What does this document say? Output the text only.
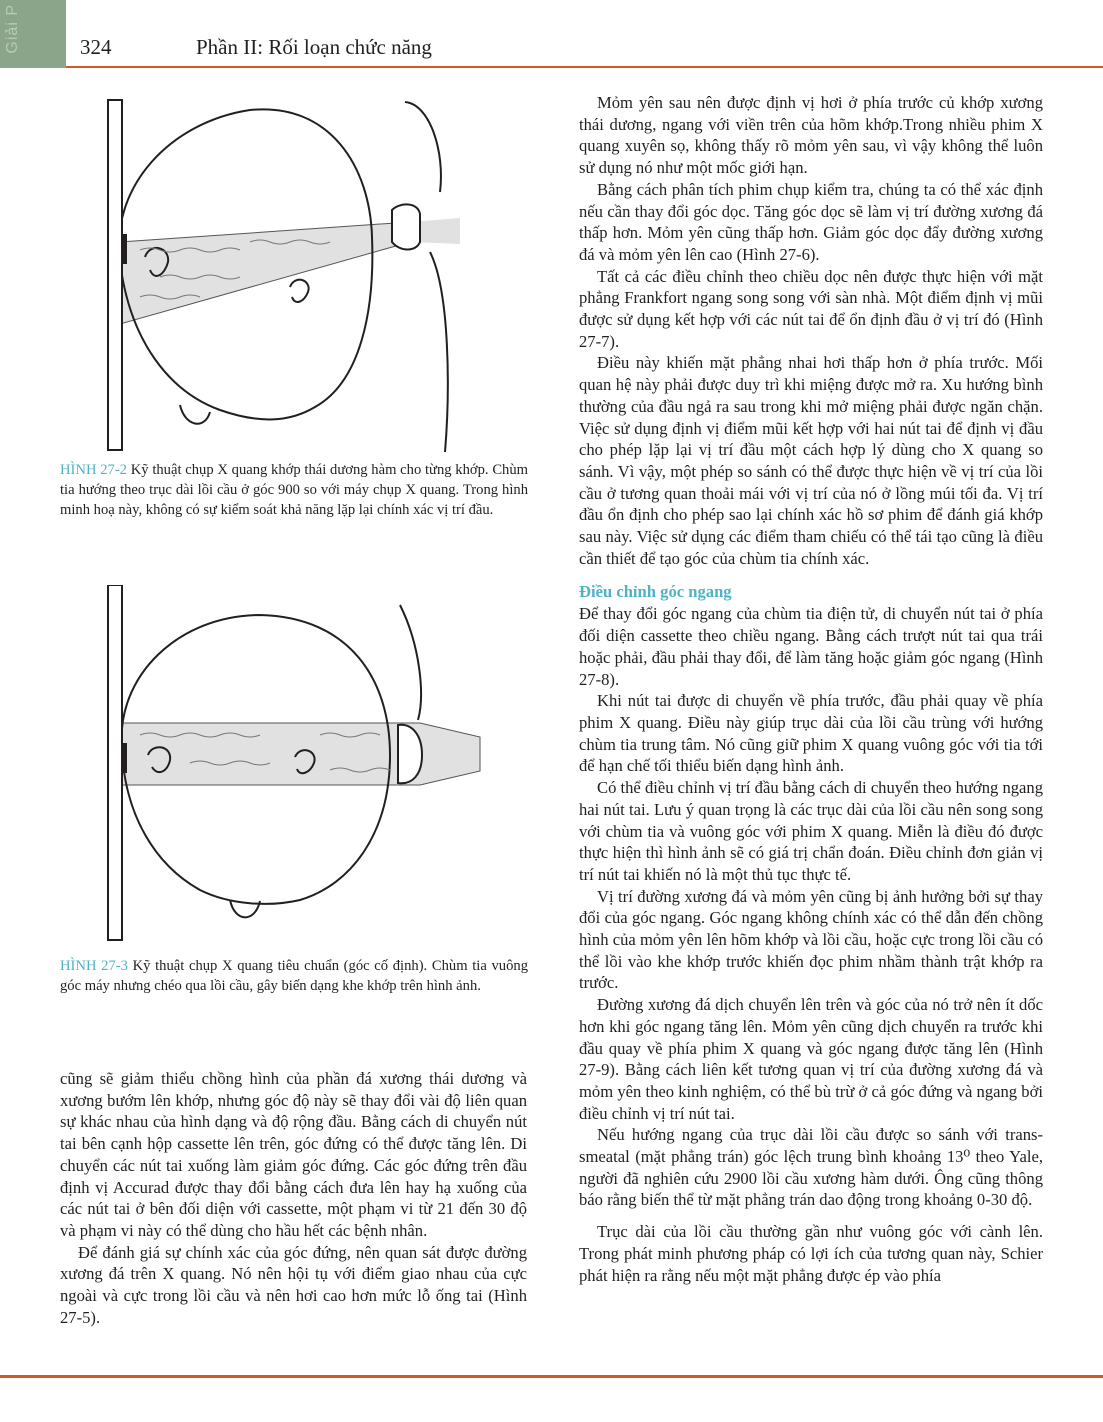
Giải P	324	Phần II: Rối loạn chức năng
HÌNH 27-2 Kỹ thuật chụp X quang khớp thái dương hàm cho từng khớp. Chùm tia hướng theo trục dài lồi cầu ở góc 900 so với máy chụp X quang. Trong hình minh hoạ này, không có sự kiểm soát khả năng lặp lại chính xác vị trí đầu.
HÌNH 27-3 Kỹ thuật chụp X quang tiêu chuẩn (góc cố định). Chùm tia vuông góc máy nhưng chéo qua lồi cầu, gây biến dạng khe khớp trên hình ảnh.

cũng sẽ giảm thiểu chồng hình của phần đá xương thái dương và xương bướm lên khớp, nhưng góc độ này sẽ thay đổi vài độ liên quan sự khác nhau của hình dạng và độ rộng đầu. Bằng cách di chuyển nút tai bên cạnh hộp cassette lên trên, góc đứng có thể được tăng lên. Di chuyển các nút tai xuống làm giảm góc đứng. Các góc đứng trên đầu định vị Accurad được thay đổi bằng cách đưa lên hay hạ xuống của các nút tai ở bên đối diện với cassette, một phạm vi từ 21 đến 30 độ và phạm vi này có thể dùng cho hầu hết các bệnh nhân.

Để đánh giá sự chính xác của góc đứng, nên quan sát được đường xương đá trên X quang. Nó nên hội tụ với điểm giao nhau của cực ngoài và cực trong lồi cầu và nên hơi cao hơn mức lỗ ống tai (Hình 27-5).

Mỏm yên sau nên được định vị hơi ở phía trước củ khớp xương thái dương, ngang với viền trên của hõm khớp.Trong nhiều phim X quang xuyên sọ, không thấy rõ mỏm yên sau, vì vậy không thể luôn sử dụng nó như một mốc giới hạn.

Bằng cách phân tích phim chụp kiểm tra, chúng ta có thể xác định nếu cần thay đổi góc dọc. Tăng góc dọc sẽ làm vị trí đường xương đá thấp hơn. Mỏm yên cũng thấp hơn. Giảm góc dọc đẩy đường xương đá và mỏm yên lên cao (Hình 27-6).

Tất cả các điều chỉnh theo chiều dọc nên được thực hiện với mặt phẳng Frankfort ngang song song với sàn nhà. Một điểm định vị mũi được sử dụng kết hợp với các nút tai để ổn định đầu ở vị trí đó (Hình 27-7).

Điều này khiến mặt phẳng nhai hơi thấp hơn ở phía trước. Mối quan hệ này phải được duy trì khi miệng được mở ra. Xu hướng bình thường của đầu ngả ra sau trong khi mở miệng phải được ngăn chặn. Việc sử dụng định vị điểm mũi kết hợp với hai nút tai để định vị đầu cho phép lặp lại vị trí đầu một cách hợp lý dùng cho X quang so sánh. Vì vậy, một phép so sánh có thể được thực hiện về vị trí của lồi cầu ở tương quan thoải mái với vị trí của nó ở lồng múi tối đa. Vị trí đầu ổn định cho phép sao lại chính xác hồ sơ phim để đánh giá khớp sau này. Việc sử dụng các điểm tham chiếu có thể tái tạo cũng là điều cần thiết để tạo góc của chùm tia chính xác.

Điều chỉnh góc ngang

Để thay đổi góc ngang của chùm tia điện tử, di chuyển nút tai ở phía đối diện cassette theo chiều ngang. Bằng cách trượt nút tai qua trái hoặc phải, đầu phải thay đổi, để làm tăng hoặc giảm góc ngang (Hình 27-8).

Khi nút tai được di chuyển về phía trước, đầu phải quay về phía phim X quang. Điều này giúp trục dài của lồi cầu trùng với hướng chùm tia trung tâm. Nó cũng giữ phim X quang vuông góc với tia tới để hạn chế tối thiểu biến dạng hình ảnh.

Có thể điều chỉnh vị trí đầu bằng cách di chuyển theo hướng ngang hai nút tai. Lưu ý quan trọng là các trục dài của lồi cầu nên song song với chùm tia và vuông góc với phim X quang. Miễn là điều đó được thực hiện thì hình ảnh sẽ có giá trị chẩn đoán. Điều chỉnh đơn giản vị trí nút tai khiến nó là một thủ tục thực tế.

Vị trí đường xương đá và mỏm yên cũng bị ảnh hưởng bởi sự thay đổi của góc ngang. Góc ngang không chính xác có thể dẫn đến chồng hình của mỏm yên lên hõm khớp và lồi cầu, hoặc cực trong lồi cầu có thể lồi vào khe khớp trước khiến đọc phim nhầm thành trật khớp ra trước.

Đường xương đá dịch chuyển lên trên và góc của nó trở nên ít dốc hơn khi góc ngang tăng lên. Mỏm yên cũng dịch chuyển ra trước khi đầu quay về phía phim X quang và góc ngang được tăng lên (Hình 27-9). Bằng cách liên kết tương quan vị trí của đường xương đá và mỏm yên theo kinh nghiệm, có thể bù trừ ở cả góc đứng và ngang bởi điều chỉnh vị trí nút tai.

Nếu hướng ngang của trục dài lồi cầu được so sánh với trans-smeatal (mặt phẳng trán) góc lệch trung bình khoảng 13⁰ theo Yale, người đã nghiên cứu 2900 lồi cầu xương hàm dưới. Ông cũng thông báo rằng biến thể từ mặt phẳng trán dao động trong khoảng 0-30 độ.

Trục dài của lồi cầu thường gần như vuông góc với cành lên. Trong phát minh phương pháp có lợi ích của tương quan này, Schier phát hiện ra rằng nếu một mặt phẳng được ép vào phía
